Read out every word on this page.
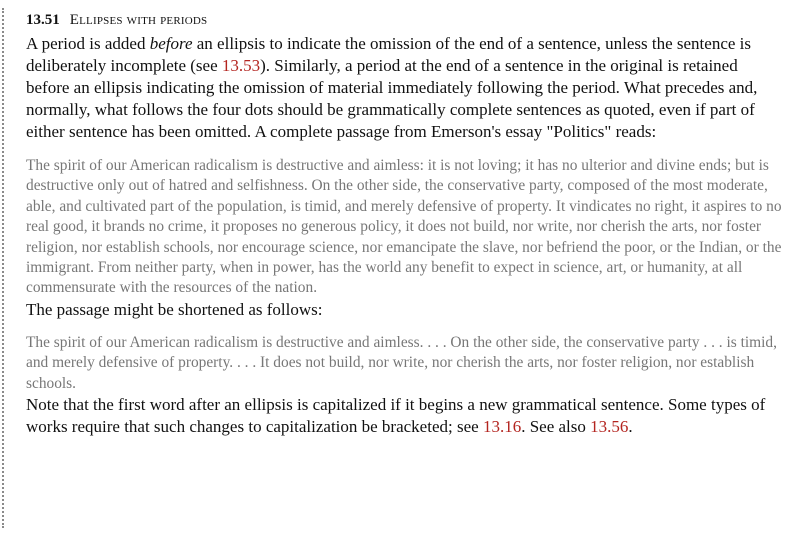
13.51 Ellipses with periods

A period is added before an ellipsis to indicate the omission of the end of a sentence, unless the sentence is deliberately incomplete (see 13.53). Similarly, a period at the end of a sentence in the original is retained before an ellipsis indicating the omission of material immediately following the period. What precedes and, normally, what follows the four dots should be grammatically complete sentences as quoted, even if part of either sentence has been omitted. A complete passage from Emerson's essay "Politics" reads:

The spirit of our American radicalism is destructive and aimless: it is not loving; it has no ulterior and divine ends; but is destructive only out of hatred and selfishness. On the other side, the conservative party, composed of the most moderate, able, and cultivated part of the population, is timid, and merely defensive of property. It vindicates no right, it aspires to no real good, it brands no crime, it proposes no generous policy, it does not build, nor write, nor cherish the arts, nor foster religion, nor establish schools, nor encourage science, nor emancipate the slave, nor befriend the poor, or the Indian, or the immigrant. From neither party, when in power, has the world any benefit to expect in science, art, or humanity, at all commensurate with the resources of the nation.

The passage might be shortened as follows:

The spirit of our American radicalism is destructive and aimless. . . . On the other side, the conservative party . . . is timid, and merely defensive of property. . . . It does not build, nor write, nor cherish the arts, nor foster religion, nor establish schools.

Note that the first word after an ellipsis is capitalized if it begins a new grammatical sentence. Some types of works require that such changes to capitalization be bracketed; see 13.16. See also 13.56.
